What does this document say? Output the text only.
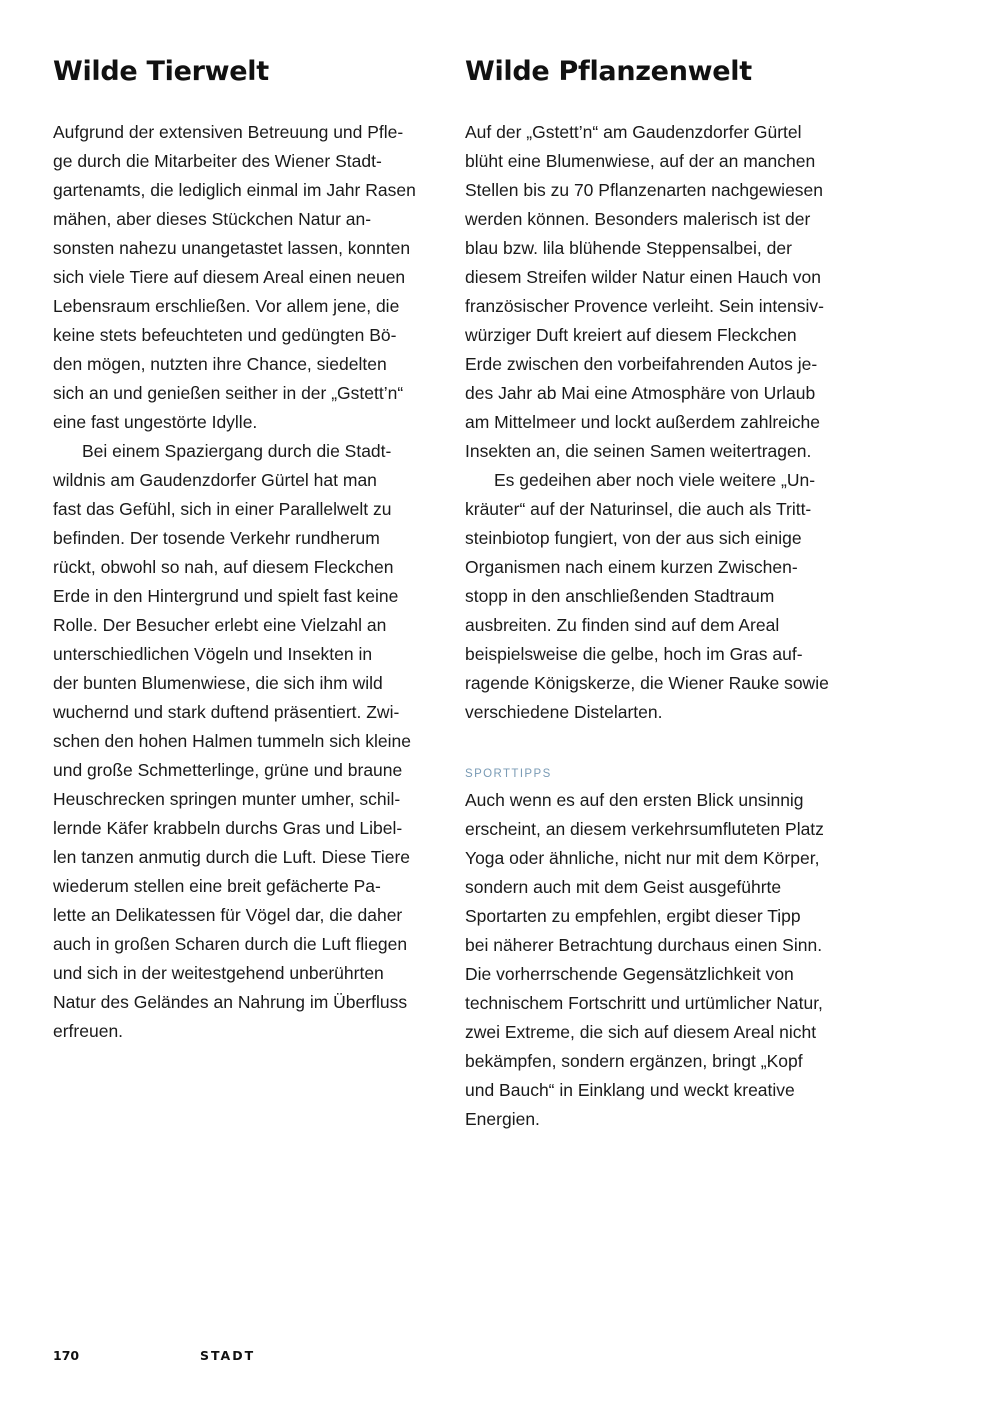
Wilde Tierwelt
Aufgrund der extensiven Betreuung und Pfle-
ge durch die Mitarbeiter des Wiener Stadt-
gartenamts, die lediglich einmal im Jahr Rasen
mähen, aber dieses Stückchen Natur an-
sonsten nahezu unangetastet lassen, konnten
sich viele Tiere auf diesem Areal einen neuen
Lebensraum erschließen. Vor allem jene, die
keine stets befeuchteten und gedüngten Bö-
den mögen, nutzten ihre Chance, siedelten
sich an und genießen seither in der „Gstett’n“
eine fast ungestörte Idylle.
Bei einem Spaziergang durch die Stadt-
wildnis am Gaudenzdorfer Gürtel hat man
fast das Gefühl, sich in einer Parallelwelt zu
befinden. Der tosende Verkehr rundherum
rückt, obwohl so nah, auf diesem Fleckchen
Erde in den Hintergrund und spielt fast keine
Rolle. Der Besucher erlebt eine Vielzahl an
unterschiedlichen Vögeln und Insekten in
der bunten Blumenwiese, die sich ihm wild
wuchernd und stark duftend präsentiert. Zwi-
schen den hohen Halmen tummeln sich kleine
und große Schmetterlinge, grüne und braune
Heuschrecken springen munter umher, schil-
lernde Käfer krabbeln durchs Gras und Libel-
len tanzen anmutig durch die Luft. Diese Tiere
wiederum stellen eine breit gefächerte Pa-
lette an Delikatessen für Vögel dar, die daher
auch in großen Scharen durch die Luft fliegen
und sich in der weitestgehend unberührten
Natur des Geländes an Nahrung im Überfluss
erfreuen.
Wilde Pflanzenwelt
Auf der „Gstett’n“ am Gaudenzdorfer Gürtel
blüht eine Blumenwiese, auf der an manchen
Stellen bis zu 70 Pflanzenarten nachgewiesen
werden können. Besonders malerisch ist der
blau bzw. lila blühende Steppensalbei, der
diesem Streifen wilder Natur einen Hauch von
französischer Provence verleiht. Sein intensiv-
würziger Duft kreiert auf diesem Fleckchen
Erde zwischen den vorbeifahrenden Autos je-
des Jahr ab Mai eine Atmosphäre von Urlaub
am Mittelmeer und lockt außerdem zahlreiche
Insekten an, die seinen Samen weitertragen.
Es gedeihen aber noch viele weitere „Un-
kräuter“ auf der Naturinsel, die auch als Tritt-
steinbiotop fungiert, von der aus sich einige
Organismen nach einem kurzen Zwischen-
stopp in den anschließenden Stadtraum
ausbreiten. Zu finden sind auf dem Areal
beispielsweise die gelbe, hoch im Gras auf-
ragende Königskerze, die Wiener Rauke sowie
verschiedene Distelarten.
SPORTTIPPS
Auch wenn es auf den ersten Blick unsinnig
erscheint, an diesem verkehrsumfluteten Platz
Yoga oder ähnliche, nicht nur mit dem Körper,
sondern auch mit dem Geist ausgeführte
Sportarten zu empfehlen, ergibt dieser Tipp
bei näherer Betrachtung durchaus einen Sinn.
Die vorherrschende Gegensätzlichkeit von
technischem Fortschritt und urtümlicher Natur,
zwei Extreme, die sich auf diesem Areal nicht
bekämpfen, sondern ergänzen, bringt „Kopf
und Bauch“ in Einklang und weckt kreative
Energien.
170	STADT
